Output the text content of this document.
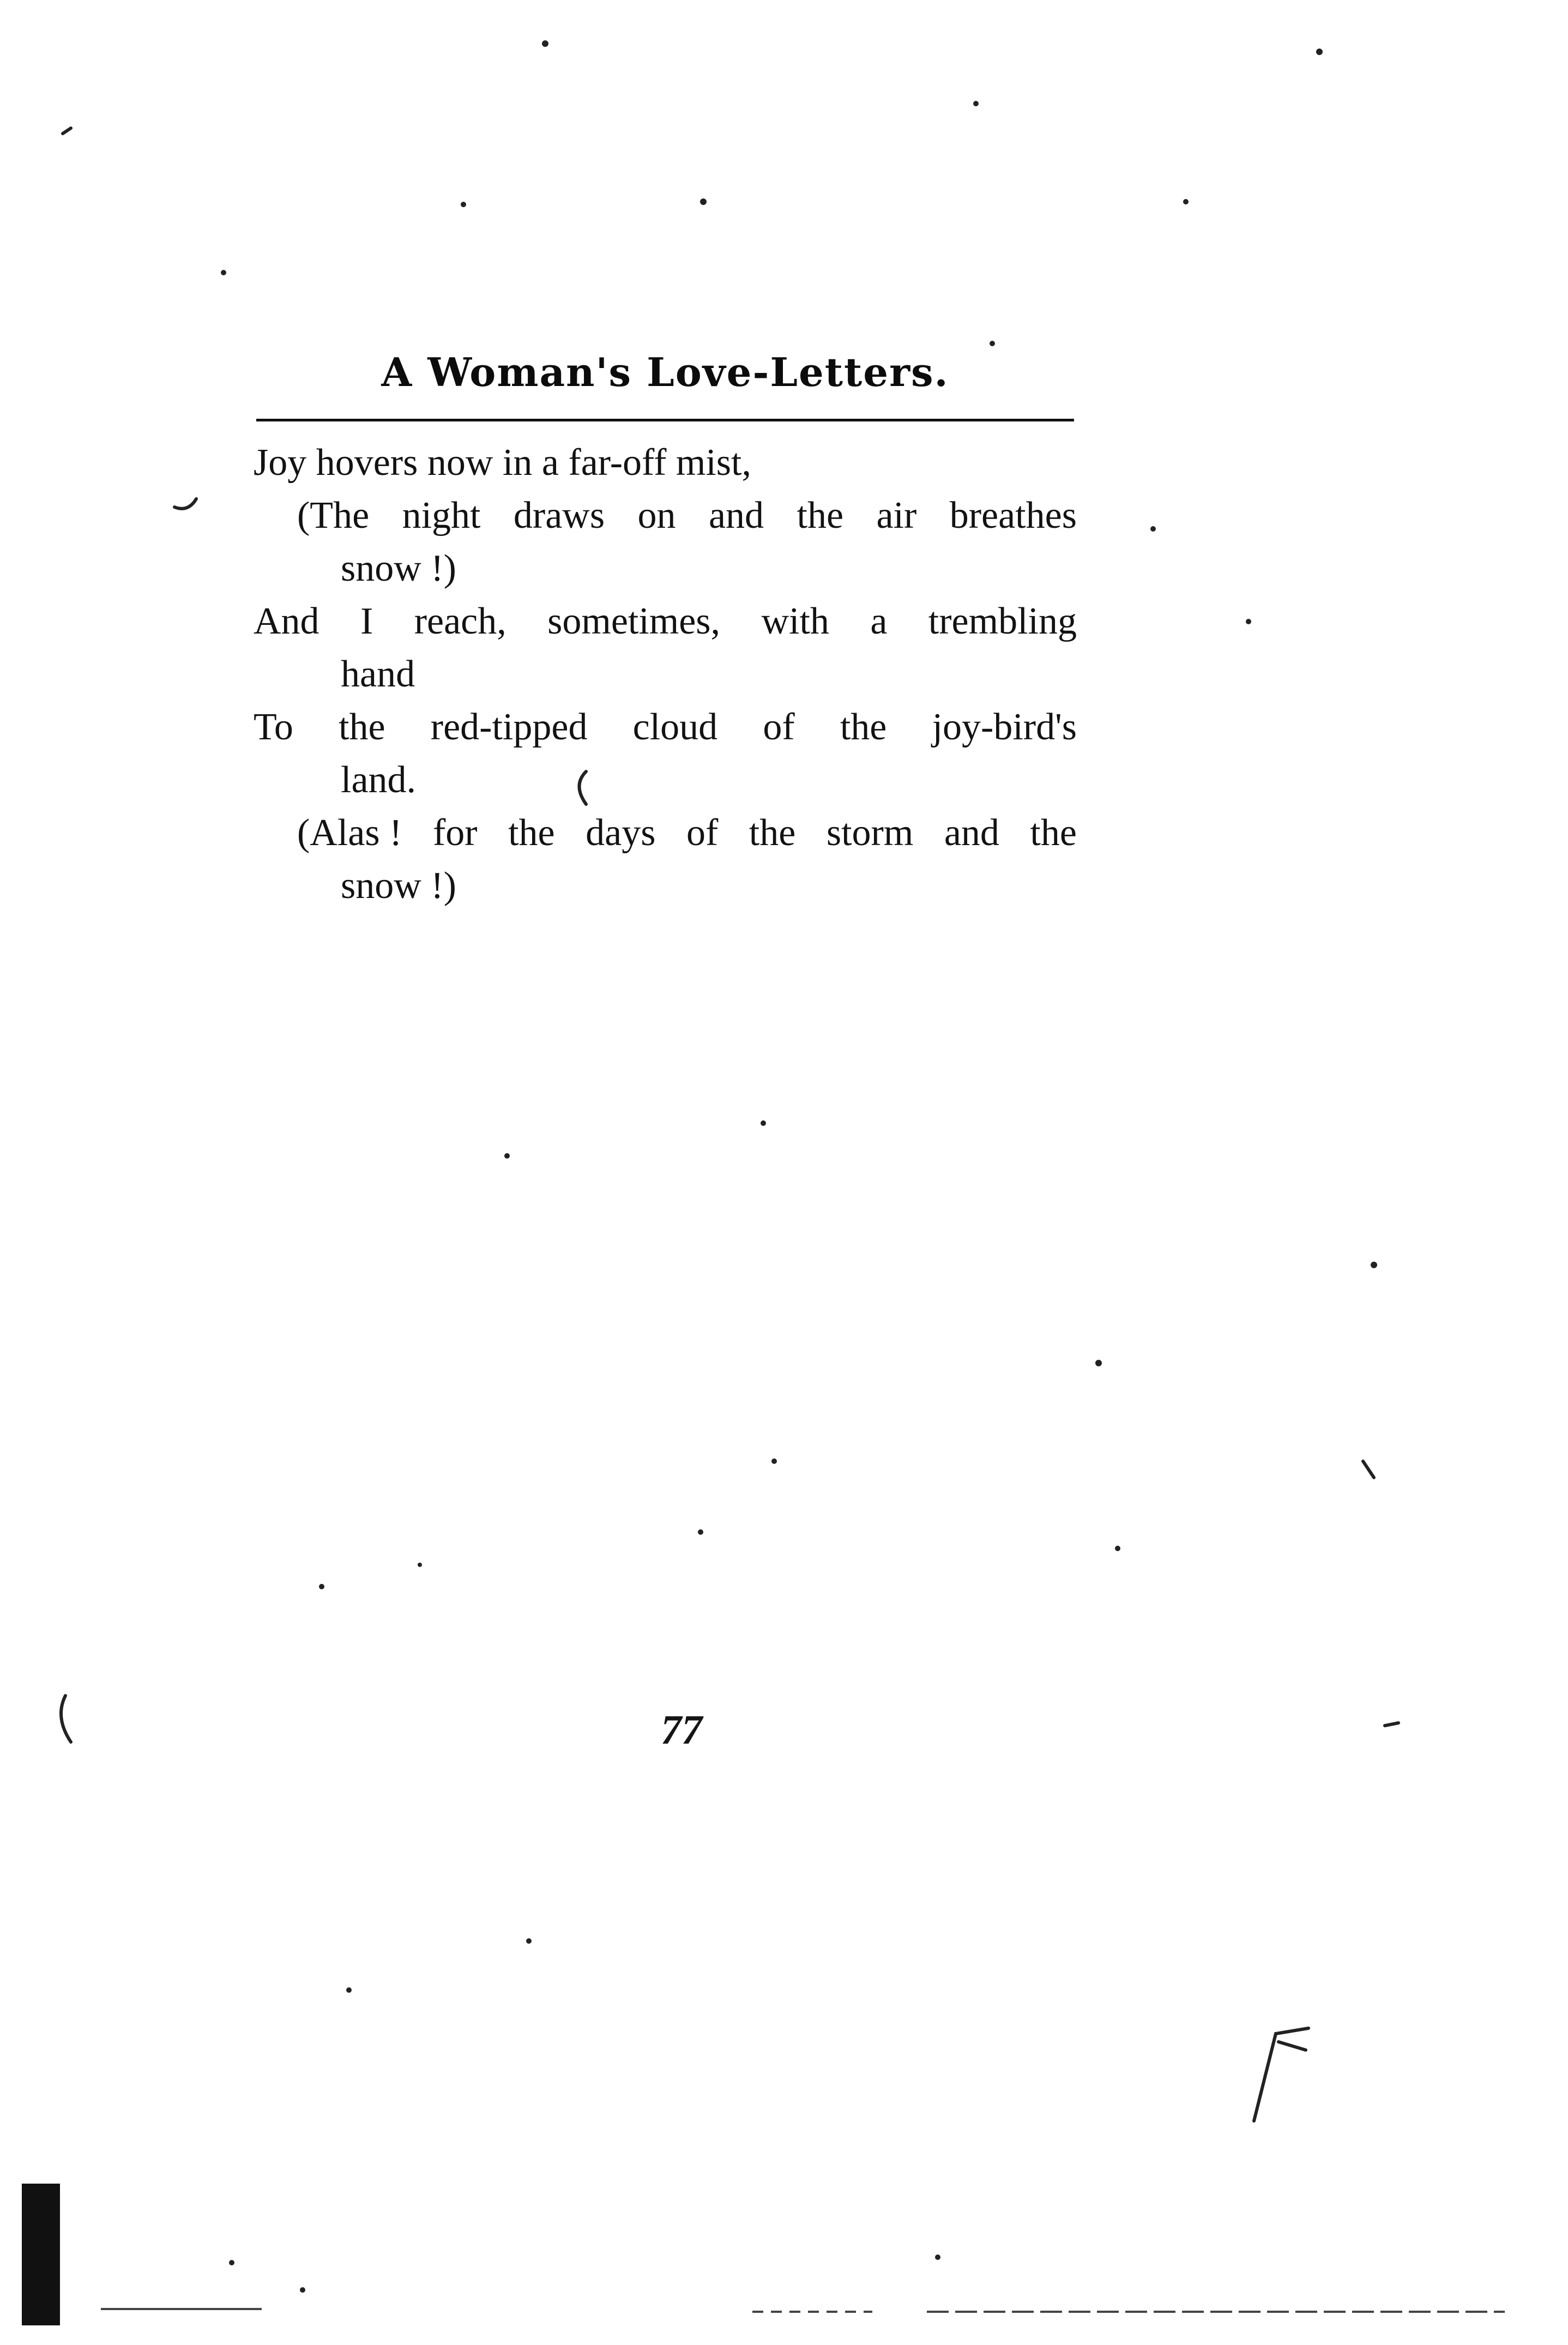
A Woman's Love-Letters.
Joy hovers now in a far-off mist,
(The night draws on and the air breathes
snow !)
And I reach, sometimes, with a trembling
hand
To the red-tipped cloud of the joy-bird's
land.
(Alas ! for the days of the storm and the
snow !)
77
